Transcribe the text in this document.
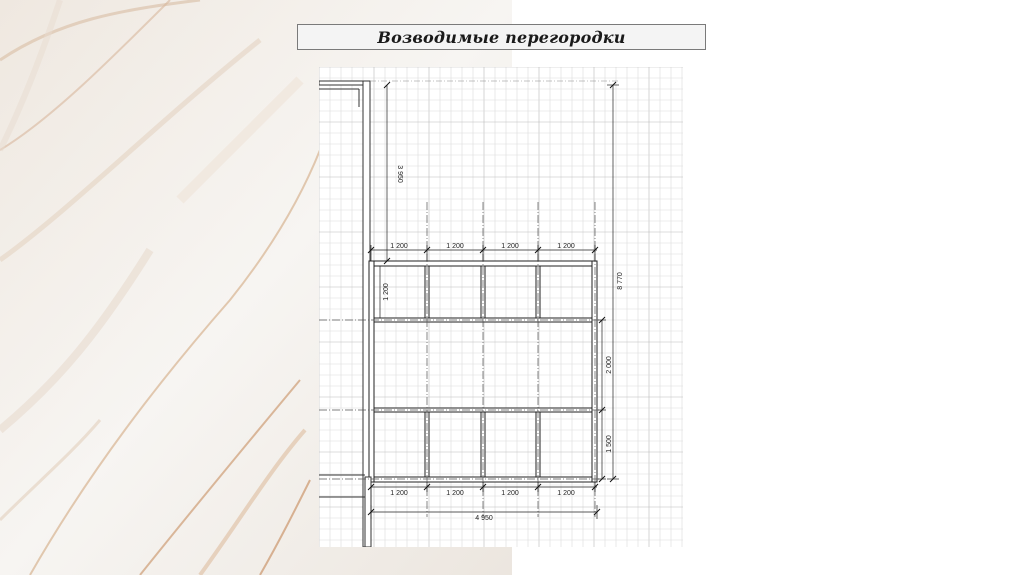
Возводимые перегородки
1 200	1 200	1 200	1 200
1 200	1 200	1 200	1 200
4 950
3 950
8 770
2 000
1 500
1 200
